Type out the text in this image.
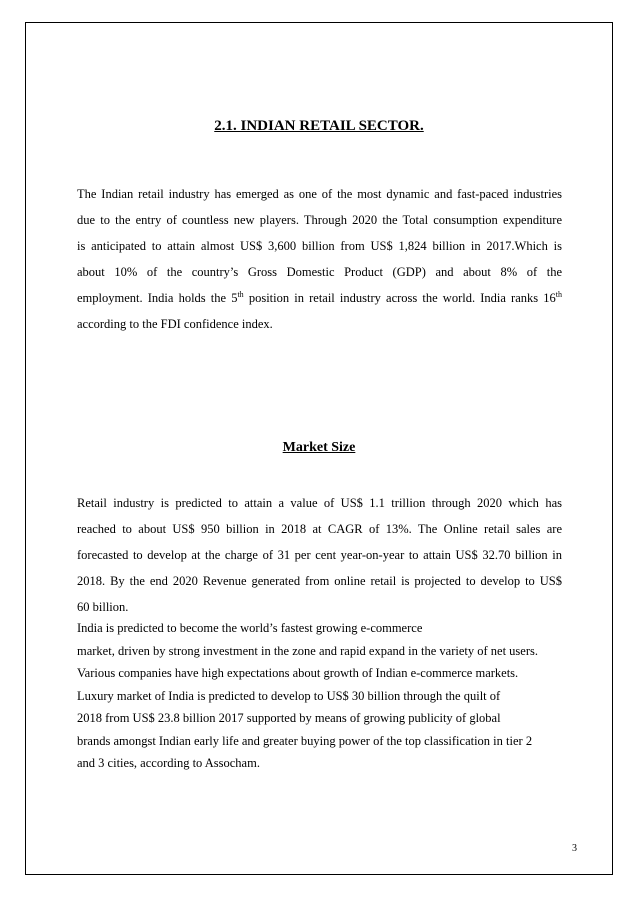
2.1. INDIAN RETAIL SECTOR.
The Indian retail industry has emerged as one of the most dynamic and fast-paced industries
due to the entry of countless new players. Through 2020 the Total consumption expenditure
is anticipated to attain almost US$ 3,600 billion from US$ 1,824 billion in 2017.Which is
about 10% of the country’s Gross Domestic Product (GDP) and about 8% of the
employment. India holds the 5th position in retail industry across the world. India ranks 16th
according to the FDI confidence index.
Market Size
Retail industry is predicted to attain a value of US$ 1.1 trillion through 2020 which has
reached to about US$ 950 billion in 2018 at CAGR of 13%. The Online retail sales are
forecasted to develop at the charge of 31 per cent year-on-year to attain US$ 32.70 billion in
2018. By the end 2020 Revenue generated from online retail is projected to develop to US$
60 billion.
India is predicted to become the world’s fastest growing e-commerce
market, driven by strong investment in the zone and rapid expand in the variety of net users.
Various companies have high expectations about growth of Indian e-commerce markets.
Luxury market of India is predicted to develop to US$ 30 billion through the quilt of
2018 from US$ 23.8 billion 2017 supported by means of growing publicity of global
brands amongst Indian early life and greater buying power of the top classification in tier 2
and 3 cities, according to Assocham.
3
